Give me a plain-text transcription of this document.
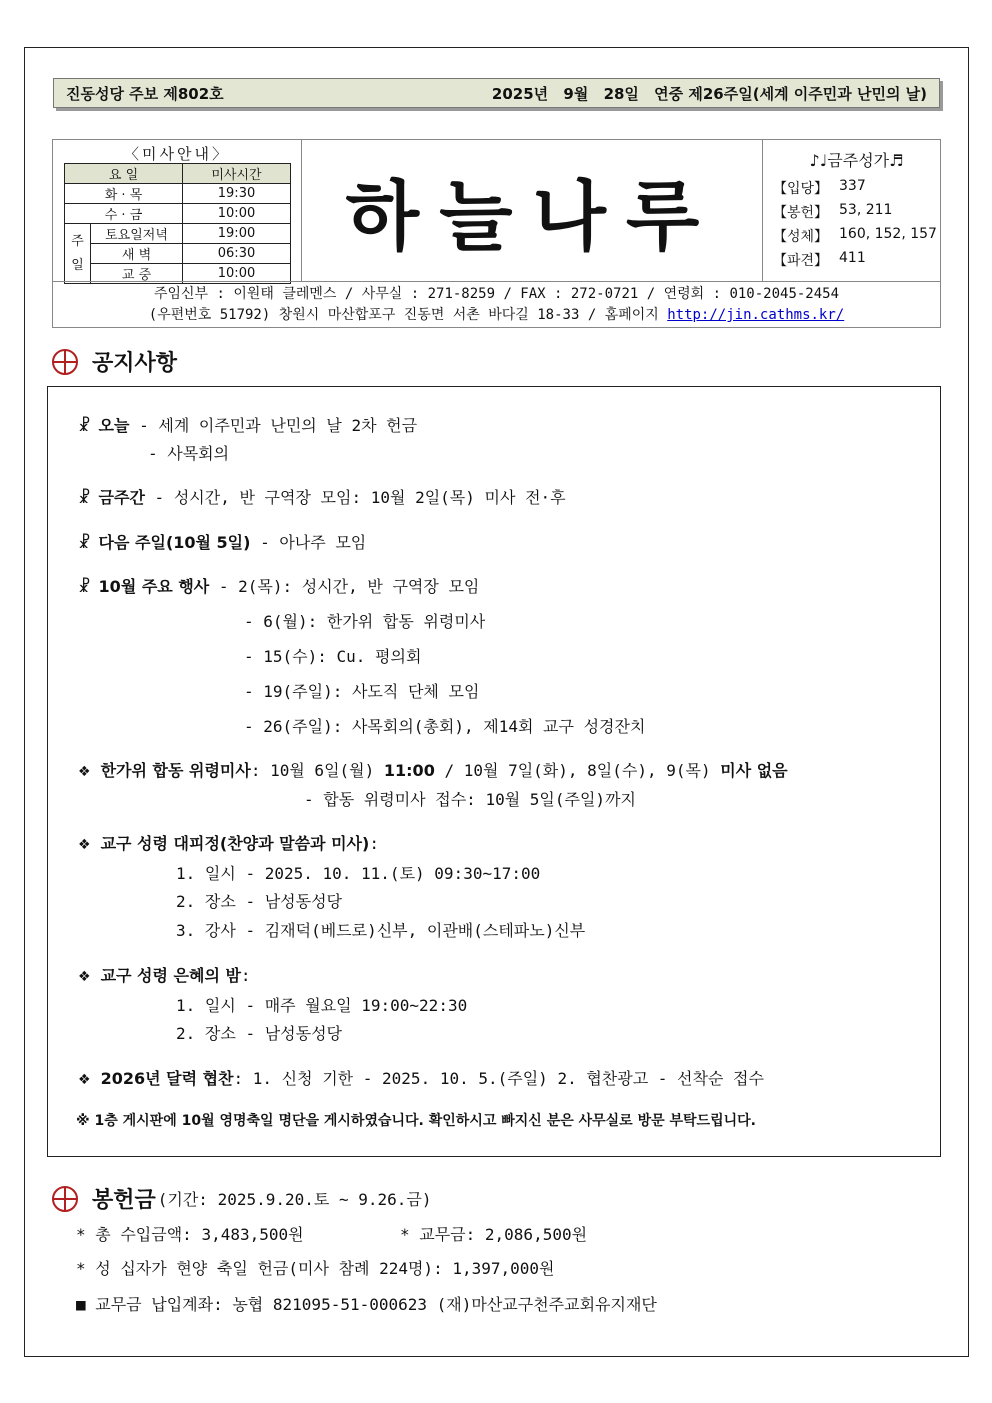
진동성당 주보 제802호	2025년 9월 28일 연중 제26주일(세계 이주민과 난민의 날)
〈미사안내〉
요 일		미사시간
화 · 목		19:30
수 · 금		10:00
주일	토요일저녁	19:00
	새 벽	06:30
	교 중	10:00
하늘나루
♪♩금주성가♬
【입당】 337
【봉헌】 53, 211
【성체】 160, 152, 157
【파견】 411
주임신부 : 이원태 클레멘스 / 사무실 : 271-8259 / FAX : 272-0721 / 연령회 : 010-2045-2454
(우편번호 51792) 창원시 마산합포구 진동면 서촌 바다길 18-33 / 홈페이지 http://jin.cathms.kr/
공지사항
☧ 오늘 - 세계 이주민과 난민의 날 2차 헌금
- 사목회의
☧ 금주간 - 성시간, 반 구역장 모임: 10월 2일(목) 미사 전·후
☧ 다음 주일(10월 5일) - 아나주 모임
☧ 10월 주요 행사 - 2(목): 성시간, 반 구역장 모임
- 6(월): 한가위 합동 위령미사
- 15(수): Cu. 평의회
- 19(주일): 사도직 단체 모임
- 26(주일): 사목회의(총회), 제14회 교구 성경잔치
❖ 한가위 합동 위령미사: 10월 6일(월) 11:00 / 10월 7일(화), 8일(수), 9(목) 미사 없음
- 합동 위령미사 접수: 10월 5일(주일)까지
❖ 교구 성령 대피정(찬양과 말씀과 미사):
1. 일시 - 2025. 10. 11.(토) 09:30~17:00
2. 장소 - 남성동성당
3. 강사 - 김재덕(베드로)신부, 이관배(스테파노)신부
❖ 교구 성령 은혜의 밤:
1. 일시 - 매주 월요일 19:00~22:30
2. 장소 - 남성동성당
❖ 2026년 달력 협찬: 1. 신청 기한 - 2025. 10. 5.(주일) 2. 협찬광고 - 선착순 접수
※ 1층 게시판에 10월 영명축일 명단을 게시하였습니다. 확인하시고 빠지신 분은 사무실로 방문 부탁드립니다.
봉헌금 (기간: 2025.9.20.토 ~ 9.26.금)
* 총 수입금액: 3,483,500원	* 교무금: 2,086,500원
* 성 십자가 현양 축일 헌금(미사 참례 224명): 1,397,000원
■ 교무금 납입계좌: 농협 821095-51-000623 (재)마산교구천주교회유지재단
